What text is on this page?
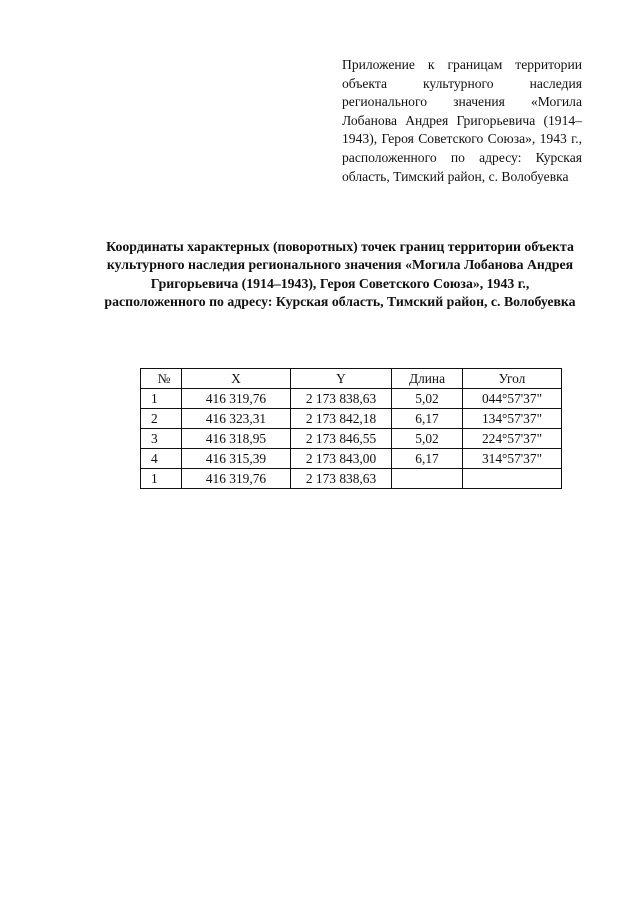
Приложение к границам территории объекта культурного наследия регионального значения «Могила Лобанова Андрея Григорьевича (1914–1943), Героя Советского Союза», 1943 г., расположенного по адресу: Курская область, Тимский район, с. Волобуевка

Координаты характерных (поворотных) точек границ территории объекта культурного наследия регионального значения «Могила Лобанова Андрея Григорьевича (1914–1943), Героя Советского Союза», 1943 г., расположенного по адресу: Курская область, Тимский район, с. Волобуевка

№	X	Y	Длина	Угол
1	416 319,76	2 173 838,63	5,02	044°57'37"
2	416 323,31	2 173 842,18	6,17	134°57'37"
3	416 318,95	2 173 846,55	5,02	224°57'37"
4	416 315,39	2 173 843,00	6,17	314°57'37"
1	416 319,76	2 173 838,63		
